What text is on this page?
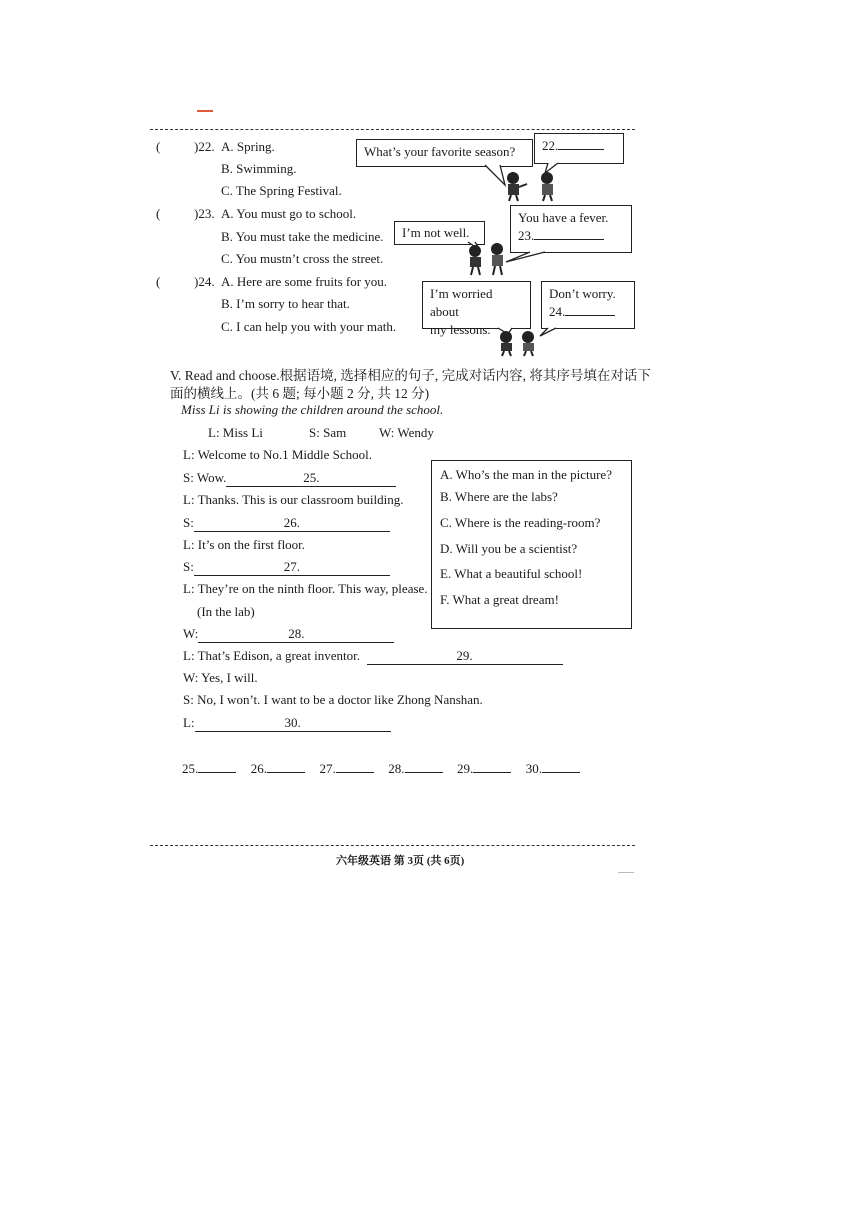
(	)22. A. Spring.
B. Swimming.
C. The Spring Festival.
What’s your favorite season?	22.
(	)23. A. You must go to school.
B. You must take the medicine.
C. You mustn’t cross the street.
I’m not well.
You have a fever.
23.
(	)24. A. Here are some fruits for you.
B. I’m sorry to hear that.
C. I can help you with your math.
I’m worried about
my lessons.
Don’t worry.
24.
V. Read and choose.根据语境, 选择相应的句子, 完成对话内容, 将其序号填在对话下
面的横线上。(共 6 题; 每小题 2 分, 共 12 分)
Miss Li is showing the children around the school.
L: Miss Li	S: Sam	W: Wendy
L: Welcome to No.1 Middle School.
S: Wow.	25.
L: Thanks. This is our classroom building.
S:	26.
L: It’s on the first floor.
S:	27.
L: They’re on the ninth floor. This way, please.
(In the lab)
W:	28.
L: That’s Edison, a great inventor.	29.
W: Yes, I will.
S: No, I won’t. I want to be a doctor like Zhong Nanshan.
L:	30.
A. Who’s the man in the picture?
B. Where are the labs?
C. Where is the reading-room?
D. Will you be a scientist?
E. What a beautiful school!
F. What a great dream!
25.	26.	27.	28.	29.	30.
六年级英语 第 3页 (共 6页)
